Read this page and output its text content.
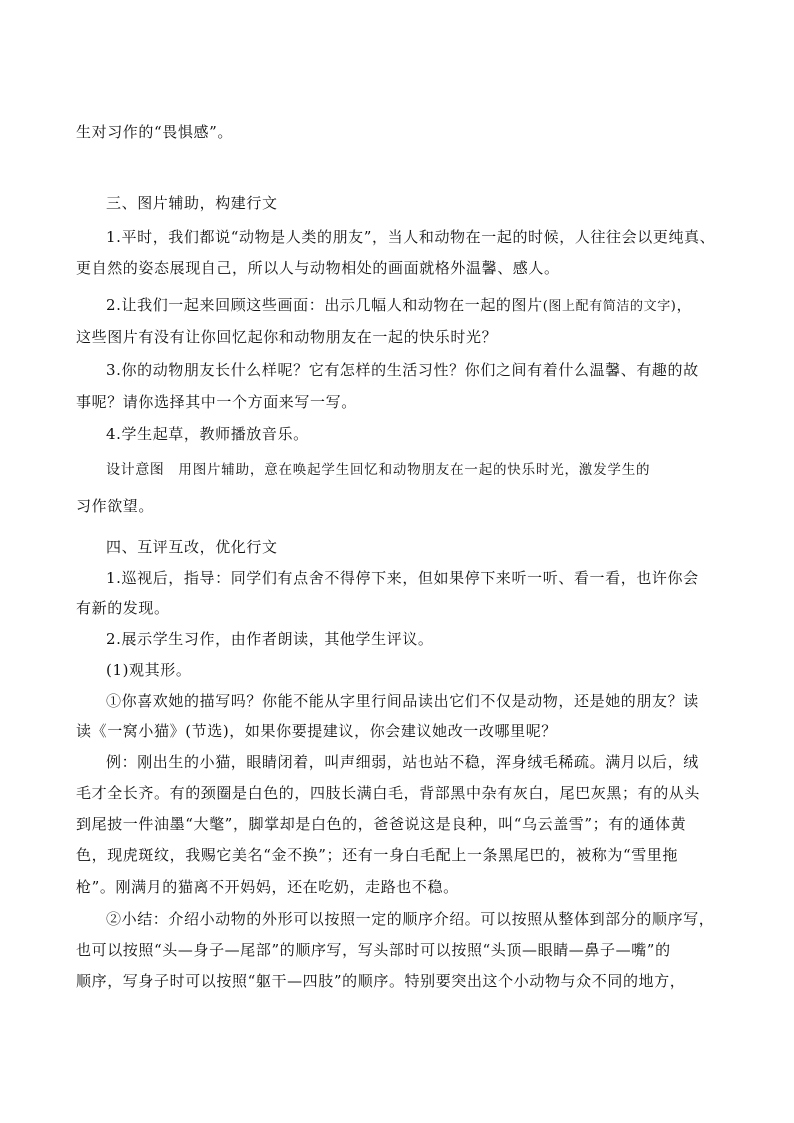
生对习作的“畏惧感”。
三、图片辅助，构建行文
1.平时，我们都说“动物是人类的朋友”，当人和动物在一起的时候，人往往会以更纯真、
更自然的姿态展现自己，所以人与动物相处的画面就格外温馨、感人。
2.让我们一起来回顾这些画面：出示几幅人和动物在一起的图片(图上配有简洁的文字)，
这些图片有没有让你回忆起你和动物朋友在一起的快乐时光？
3.你的动物朋友长什么样呢？它有怎样的生活习性？你们之间有着什么温馨、有趣的故
事呢？请你选择其中一个方面来写一写。
4.学生起草，教师播放音乐。
设计意图 用图片辅助，意在唤起学生回忆和动物朋友在一起的快乐时光，激发学生的
习作欲望。
四、互评互改，优化行文
1.巡视后，指导：同学们有点舍不得停下来，但如果停下来听一听、看一看，也许你会
有新的发现。
2.展示学生习作，由作者朗读，其他学生评议。
(1)观其形。
①你喜欢她的描写吗？你能不能从字里行间品读出它们不仅是动物，还是她的朋友？读
读《一窝小猫》(节选)，如果你要提建议，你会建议她改一改哪里呢？
例：刚出生的小猫，眼睛闭着，叫声细弱，站也站不稳，浑身绒毛稀疏。满月以后，绒
毛才全长齐。有的颈圈是白色的，四肢长满白毛，背部黑中杂有灰白，尾巴灰黑；有的从头
到尾披一件油墨“大氅”，脚掌却是白色的，爸爸说这是良种，叫“乌云盖雪”；有的通体黄
色，现虎斑纹，我赐它美名“金不换”；还有一身白毛配上一条黑尾巴的，被称为“雪里拖
枪”。刚满月的猫离不开妈妈，还在吃奶，走路也不稳。
②小结：介绍小动物的外形可以按照一定的顺序介绍。可以按照从整体到部分的顺序写，
也可以按照“头—身子—尾部”的顺序写，写头部时可以按照“头顶—眼睛—鼻子—嘴”的
顺序，写身子时可以按照“躯干—四肢”的顺序。特别要突出这个小动物与众不同的地方，
